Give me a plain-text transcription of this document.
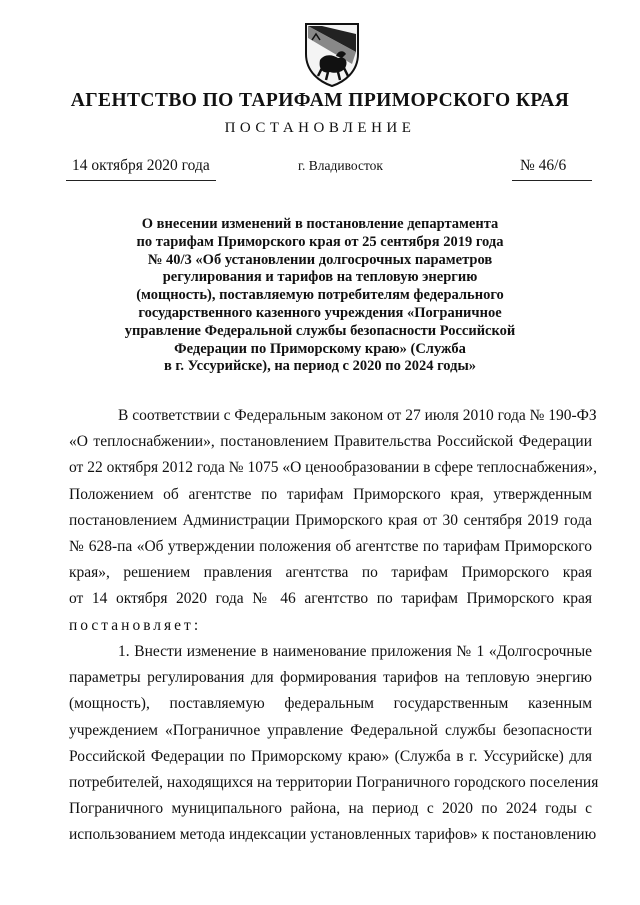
АГЕНТСТВО ПО ТАРИФАМ ПРИМОРСКОГО КРАЯ
ПОСТАНОВЛЕНИЕ
14 октября 2020 года	г. Владивосток	№ 46/6
О внесении изменений в постановление департамента
по тарифам Приморского края от 25 сентября 2019 года
№ 40/3 «Об установлении долгосрочных параметров
регулирования и тарифов на тепловую энергию
(мощность), поставляемую потребителям федерального
государственного казенного учреждения «Пограничное
управление Федеральной службы безопасности Российской
Федерации по Приморскому краю» (Служба
в г. Уссурийске), на период с 2020 по 2024 годы»
В соответствии с Федеральным законом от 27 июля 2010 года № 190-ФЗ
«О теплоснабжении», постановлением Правительства Российской Федерации
от 22 октября 2012 года № 1075 «О ценообразовании в сфере теплоснабжения»,
Положением об агентстве по тарифам Приморского края, утвержденным
постановлением Администрации Приморского края от 30 сентября 2019 года
№ 628-па «Об утверждении положения об агентстве по тарифам Приморского
края», решением правления агентства по тарифам Приморского края
от 14 октября 2020 года № 46 агентство по тарифам Приморского края
постановляет:
1. Внести изменение в наименование приложения № 1 «Долгосрочные
параметры регулирования для формирования тарифов на тепловую энергию
(мощность), поставляемую федеральным государственным казенным
учреждением «Пограничное управление Федеральной службы безопасности
Российской Федерации по Приморскому краю» (Служба в г. Уссурийске) для
потребителей, находящихся на территории Пограничного городского поселения
Пограничного муниципального района, на период с 2020 по 2024 годы с
использованием метода индексации установленных тарифов» к постановлению
